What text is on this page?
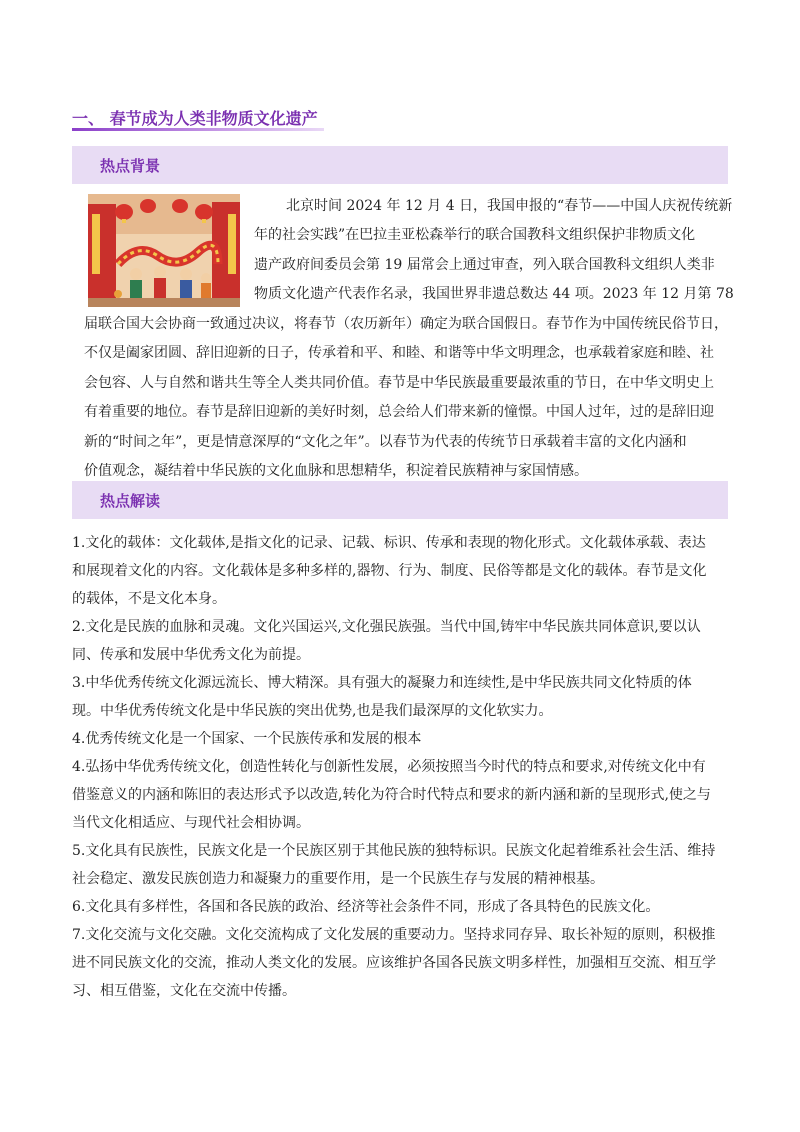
一、 春节成为人类非物质文化遗产
热点背景
北京时间 2024 年 12 月 4 日，我国申报的“春节——中国人庆祝传统新
年的社会实践”在巴拉圭亚松森举行的联合国教科文组织保护非物质文化
遗产政府间委员会第 19 届常会上通过审查，列入联合国教科文组织人类非
物质文化遗产代表作名录，我国世界非遗总数达 44 项。2023 年 12 月第 78
届联合国大会协商一致通过决议，将春节（农历新年）确定为联合国假日。春节作为中国传统民俗节日，
不仅是阖家团圆、辞旧迎新的日子，传承着和平、和睦、和谐等中华文明理念，也承载着家庭和睦、社
会包容、人与自然和谐共生等全人类共同价值。春节是中华民族最重要最浓重的节日，在中华文明史上
有着重要的地位。春节是辞旧迎新的美好时刻，总会给人们带来新的憧憬。中国人过年，过的是辞旧迎
新的“时间之年”，更是情意深厚的“文化之年”。以春节为代表的传统节日承载着丰富的文化内涵和
价值观念，凝结着中华民族的文化血脉和思想精华，积淀着民族精神与家国情感。
热点解读
1.文化的载体：文化载体,是指文化的记录、记载、标识、传承和表现的物化形式。文化载体承载、表达
和展现着文化的内容。文化载体是多种多样的,器物、行为、制度、民俗等都是文化的载体。春节是文化
的载体，不是文化本身。
2.文化是民族的血脉和灵魂。文化兴国运兴,文化强民族强。当代中国,铸牢中华民族共同体意识,要以认
同、传承和发展中华优秀文化为前提。
3.中华优秀传统文化源远流长、博大精深。具有强大的凝聚力和连续性,是中华民族共同文化特质的体
现。中华优秀传统文化是中华民族的突出优势,也是我们最深厚的文化软实力。
4.优秀传统文化是一个国家、一个民族传承和发展的根本
4.弘扬中华优秀传统文化，创造性转化与创新性发展，必须按照当今时代的特点和要求,对传统文化中有
借鉴意义的内涵和陈旧的表达形式予以改造,转化为符合时代特点和要求的新内涵和新的呈现形式,使之与
当代文化相适应、与现代社会相协调。
5.文化具有民族性，民族文化是一个民族区别于其他民族的独特标识。民族文化起着维系社会生活、维持
社会稳定、激发民族创造力和凝聚力的重要作用，是一个民族生存与发展的精神根基。
6.文化具有多样性，各国和各民族的政治、经济等社会条件不同，形成了各具特色的民族文化。
7.文化交流与文化交融。文化交流构成了文化发展的重要动力。坚持求同存异、取长补短的原则，积极推
进不同民族文化的交流，推动人类文化的发展。应该维护各国各民族文明多样性，加强相互交流、相互学
习、相互借鉴，文化在交流中传播。
